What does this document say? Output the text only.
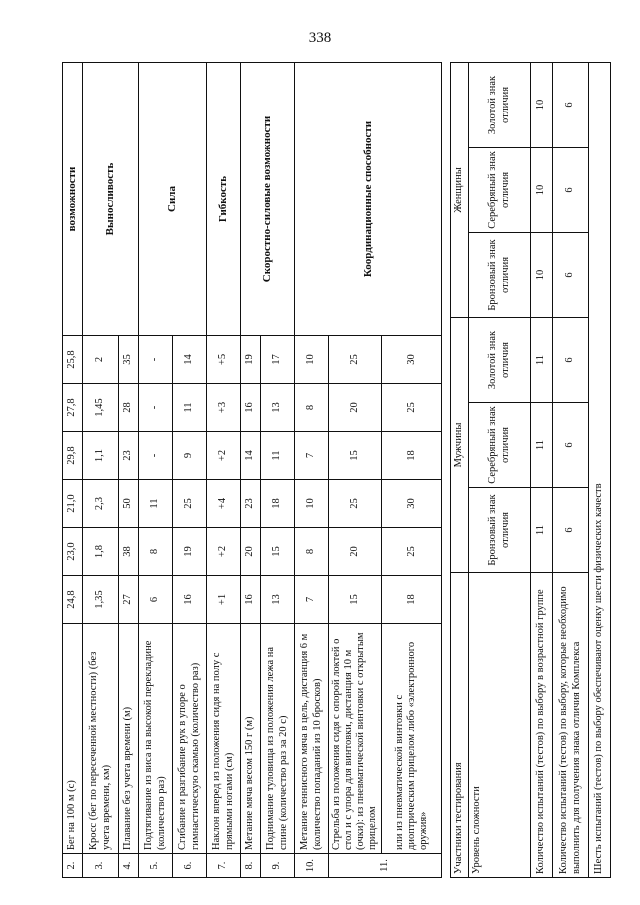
338
2.	Бег на 100 м (с)	24,8	23,0	21,0	29,8	27,8	25,8	возможности
3.	Кросс (бег по пересеченной местности) (без учета времени, км)	1,35	1,8	2,3	1,1	1,45	2	Выносливость
4.	Плавание без учета времени (м)	27	38	50	23	28	35	
5.	Подтягивание из виса на высокой перекладине (количество раз)	6	8	11	-	-	-	Сила
6.	Сгибание и разгибание рук в упоре о гимнастическую скамью (количество раз)	16	19	25	9	11	14	
7.	Наклон вперед из положения сидя на полу с прямыми ногами (см)	+1	+2	+4	+2	+3	+5	Гибкость
8.	Метание мяча весом 150 г (м)	16	20	23	14	16	19	Скоростно-силовые возможности
9.	Поднимание туловища из положения лежа на спине (количество раз за 20 с)	13	15	18	11	13	17	
10.	Метание теннисного мяча в цель, дистанция 6 м (количество попаданий из 10 бросков)	7	8	10	7	8	10	Координационные способности
11.	Стрельба из положения сидя с опорой локтей о стол и с упора для винтовки, дистанция 10 м (очки): из пневматической винтовки с открытым прицелом	15	20	25	15	20	25	
	или из пневматической винтовки с диоптрическим прицелом либо «электронного оружия»	18	25	30	18	25	30	
Участники тестирования	Мужчины			Женщины		

Уровень сложности	Бронзовый знак отличия	Серебряный знак отличия	Золотой знак отличия	Бронзовый знак отличия	Серебряный знак отличия	Золотой знак отличия
Количество испытаний (тестов) по выбору в возрастной группе	11	11	11	10	10	10
Количество испытаний (тестов) по выбору, которые необходимо выполнить для получения знака отличия Комплекса	6	6	6	6	6	6
Шесть испытаний (тестов) по выбору обеспечивают оценку шести физических качеств						
